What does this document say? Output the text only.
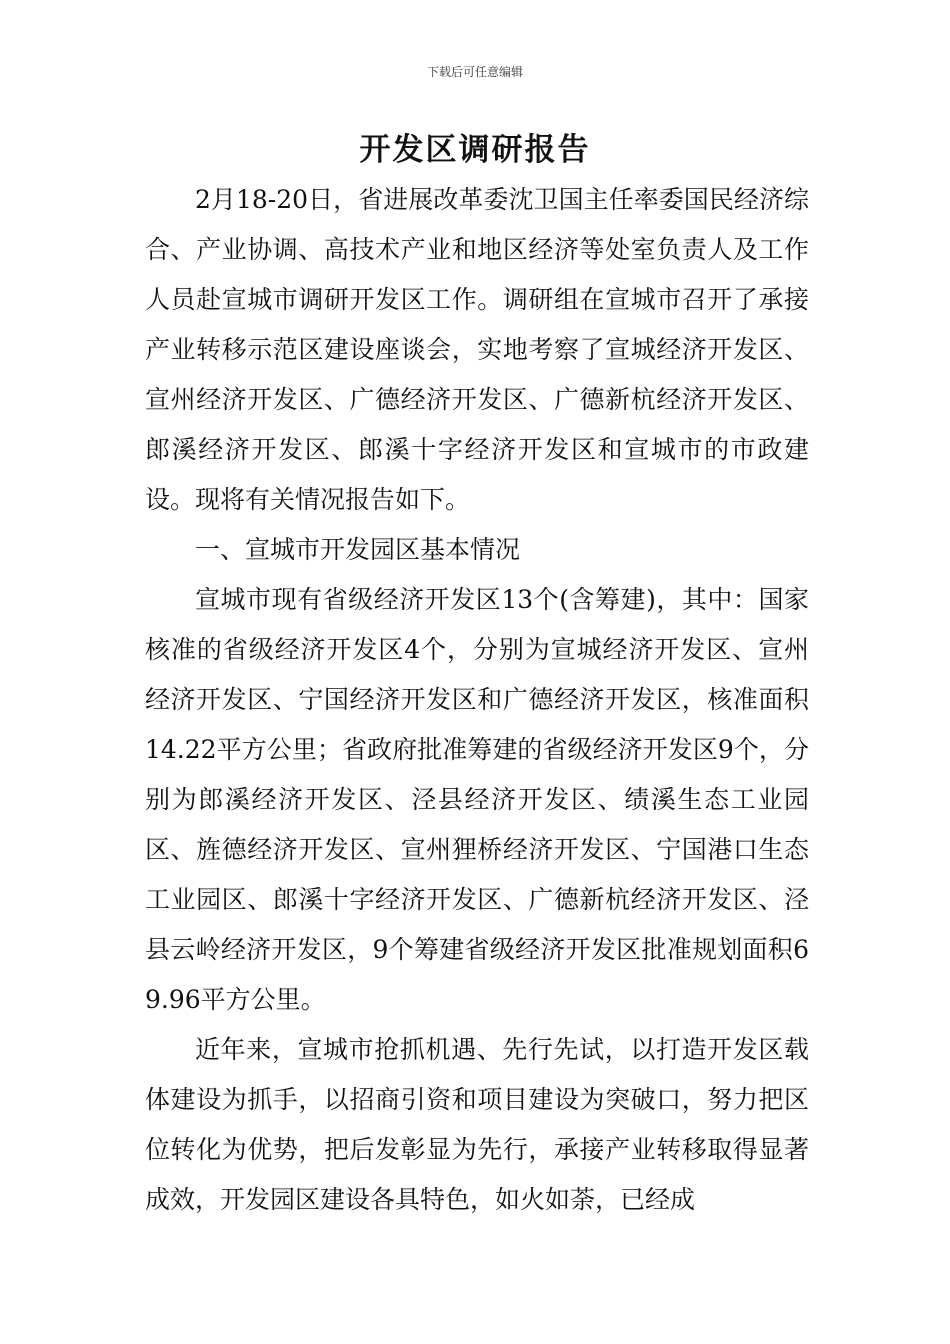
下载后可任意编辑
开发区调研报告

2月18-20日，省进展改革委沈卫国主任率委国民经济综合、产业协调、高技术产业和地区经济等处室负责人及工作人员赴宣城市调研开发区工作。调研组在宣城市召开了承接产业转移示范区建设座谈会，实地考察了宣城经济开发区、宣州经济开发区、广德经济开发区、广德新杭经济开发区、郎溪经济开发区、郎溪十字经济开发区和宣城市的市政建设。现将有关情况报告如下。

一、宣城市开发园区基本情况

宣城市现有省级经济开发区13个(含筹建)，其中：国家核准的省级经济开发区4个，分别为宣城经济开发区、宣州经济开发区、宁国经济开发区和广德经济开发区，核准面积14.22平方公里；省政府批准筹建的省级经济开发区9个，分别为郎溪经济开发区、泾县经济开发区、绩溪生态工业园区、旌德经济开发区、宣州狸桥经济开发区、宁国港口生态工业园区、郎溪十字经济开发区、广德新杭经济开发区、泾县云岭经济开发区，9个筹建省级经济开发区批准规划面积69.96平方公里。

近年来，宣城市抢抓机遇、先行先试，以打造开发区载体建设为抓手，以招商引资和项目建设为突破口，努力把区位转化为优势，把后发彰显为先行，承接产业转移取得显著成效，开发园区建设各具特色，如火如荼，已经成
